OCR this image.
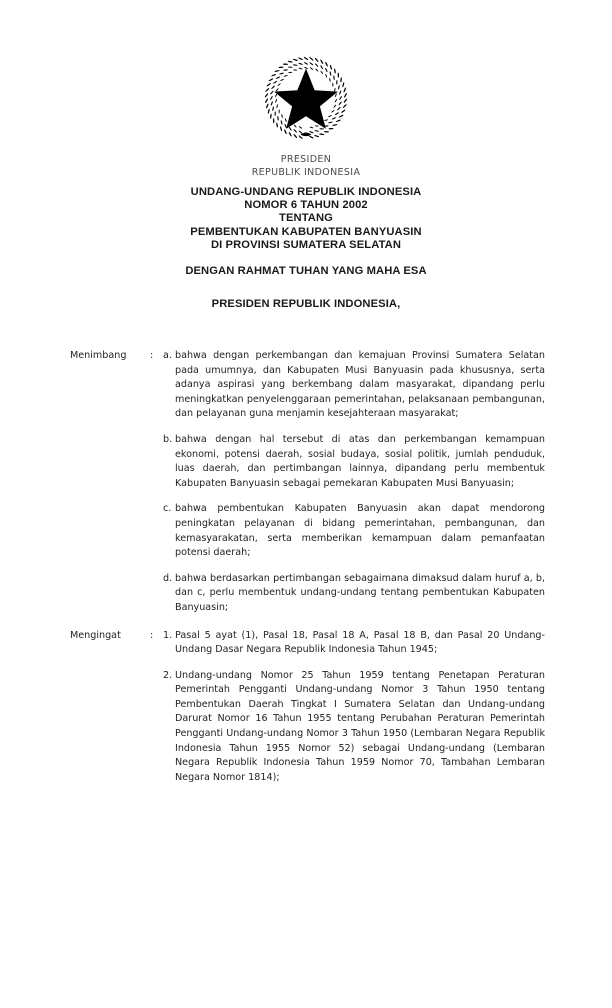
PRESIDEN
REPUBLIK INDONESIA
UNDANG-UNDANG REPUBLIK INDONESIA
NOMOR 6 TAHUN 2002
TENTANG
PEMBENTUKAN KABUPATEN BANYUASIN
DI PROVINSI SUMATERA SELATAN
DENGAN RAHMAT TUHAN YANG MAHA ESA
PRESIDEN REPUBLIK INDONESIA,
Menimbang	: a. bahwa dengan perkembangan dan kemajuan Provinsi Sumatera Selatan pada umumnya, dan Kabupaten Musi Banyuasin pada khususnya, serta adanya aspirasi yang berkembang dalam masyarakat, dipandang perlu meningkatkan penyelenggaraan pemerintahan, pelaksanaan pembangunan, dan pelayanan guna menjamin kesejahteraan masyarakat;
b. bahwa dengan hal tersebut di atas dan perkembangan kemampuan ekonomi, potensi daerah, sosial budaya, sosial politik, jumlah penduduk, luas daerah, dan pertimbangan lainnya, dipandang perlu membentuk Kabupaten Banyuasin sebagai pemekaran Kabupaten Musi Banyuasin;
c. bahwa pembentukan Kabupaten Banyuasin akan dapat mendorong peningkatan pelayanan di bidang pemerintahan, pembangunan, dan kemasyarakatan, serta memberikan kemampuan dalam pemanfaatan potensi daerah;
d. bahwa berdasarkan pertimbangan sebagaimana dimaksud dalam huruf a, b, dan c, perlu membentuk undang-undang tentang pembentukan Kabupaten Banyuasin;
Mengingat	: 1. Pasal 5 ayat (1), Pasal 18, Pasal 18 A, Pasal 18 B, dan Pasal 20 Undang-Undang Dasar Negara Republik Indonesia Tahun 1945;
2. Undang-undang Nomor 25 Tahun 1959 tentang Penetapan Peraturan Pemerintah Pengganti Undang-undang Nomor 3 Tahun 1950 tentang Pembentukan Daerah Tingkat I Sumatera Selatan dan Undang-undang Darurat Nomor 16 Tahun 1955 tentang Perubahan Peraturan Pemerintah Pengganti Undang-undang Nomor 3 Tahun 1950 (Lembaran Negara Republik Indonesia Tahun 1955 Nomor 52) sebagai Undang-undang (Lembaran Negara Republik Indonesia Tahun 1959 Nomor 70, Tambahan Lembaran Negara Nomor 1814);
